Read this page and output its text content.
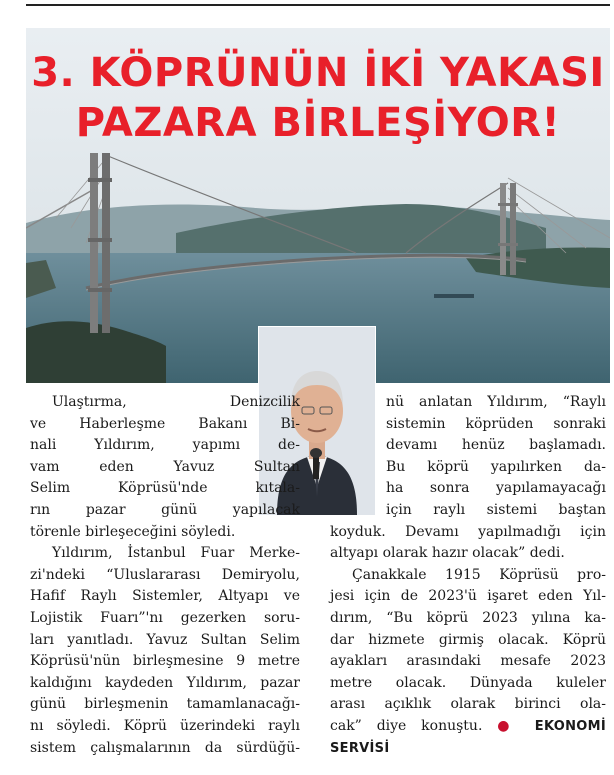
3. KÖPRÜNÜN İKİ YAKASI
PAZARA BİRLEŞİYOR!
Ulaştırma, Denizcilik
ve Haberleşme Bakanı Bi-
nali Yıldırım, yapımı de-
vam eden Yavuz Sultan
Selim Köprüsü'nde kıtala-
rın pazar günü yapılacak
törenle birleşeceğini söyledi.
Yıldırım, İstanbul Fuar Merke-
zi'ndeki “Uluslararası Demiryolu,
Hafif Raylı Sistemler, Altyapı ve
Lojistik Fuarı”'nı gezerken soru-
ları yanıtladı. Yavuz Sultan Selim
Köprüsü'nün birleşmesine 9 metre
kaldığını kaydeden Yıldırım, pazar
günü birleşmenin tamamlanacağı-
nı söyledi. Köprü üzerindeki raylı
sistem çalışmalarının da sürdüğü-
nü anlatan Yıldırım, “Raylı
sistemin köprüden sonraki
devamı henüz başlamadı.
Bu köprü yapılırken da-
ha sonra yapılamayacağı
için raylı sistemi baştan
koyduk. Devamı yapılmadığı için
altyapı olarak hazır olacak” dedi.
Çanakkale 1915 Köprüsü pro-
jesi için de 2023'ü işaret eden Yıl-
dırım, “Bu köprü 2023 yılına ka-
dar hizmete girmiş olacak. Köprü
ayakları arasındaki mesafe 2023
metre olacak. Dünyada kuleler
arası açıklık olarak birinci ola-
cak” diye konuştu. ● EKONOMİ
SERVİSİ
